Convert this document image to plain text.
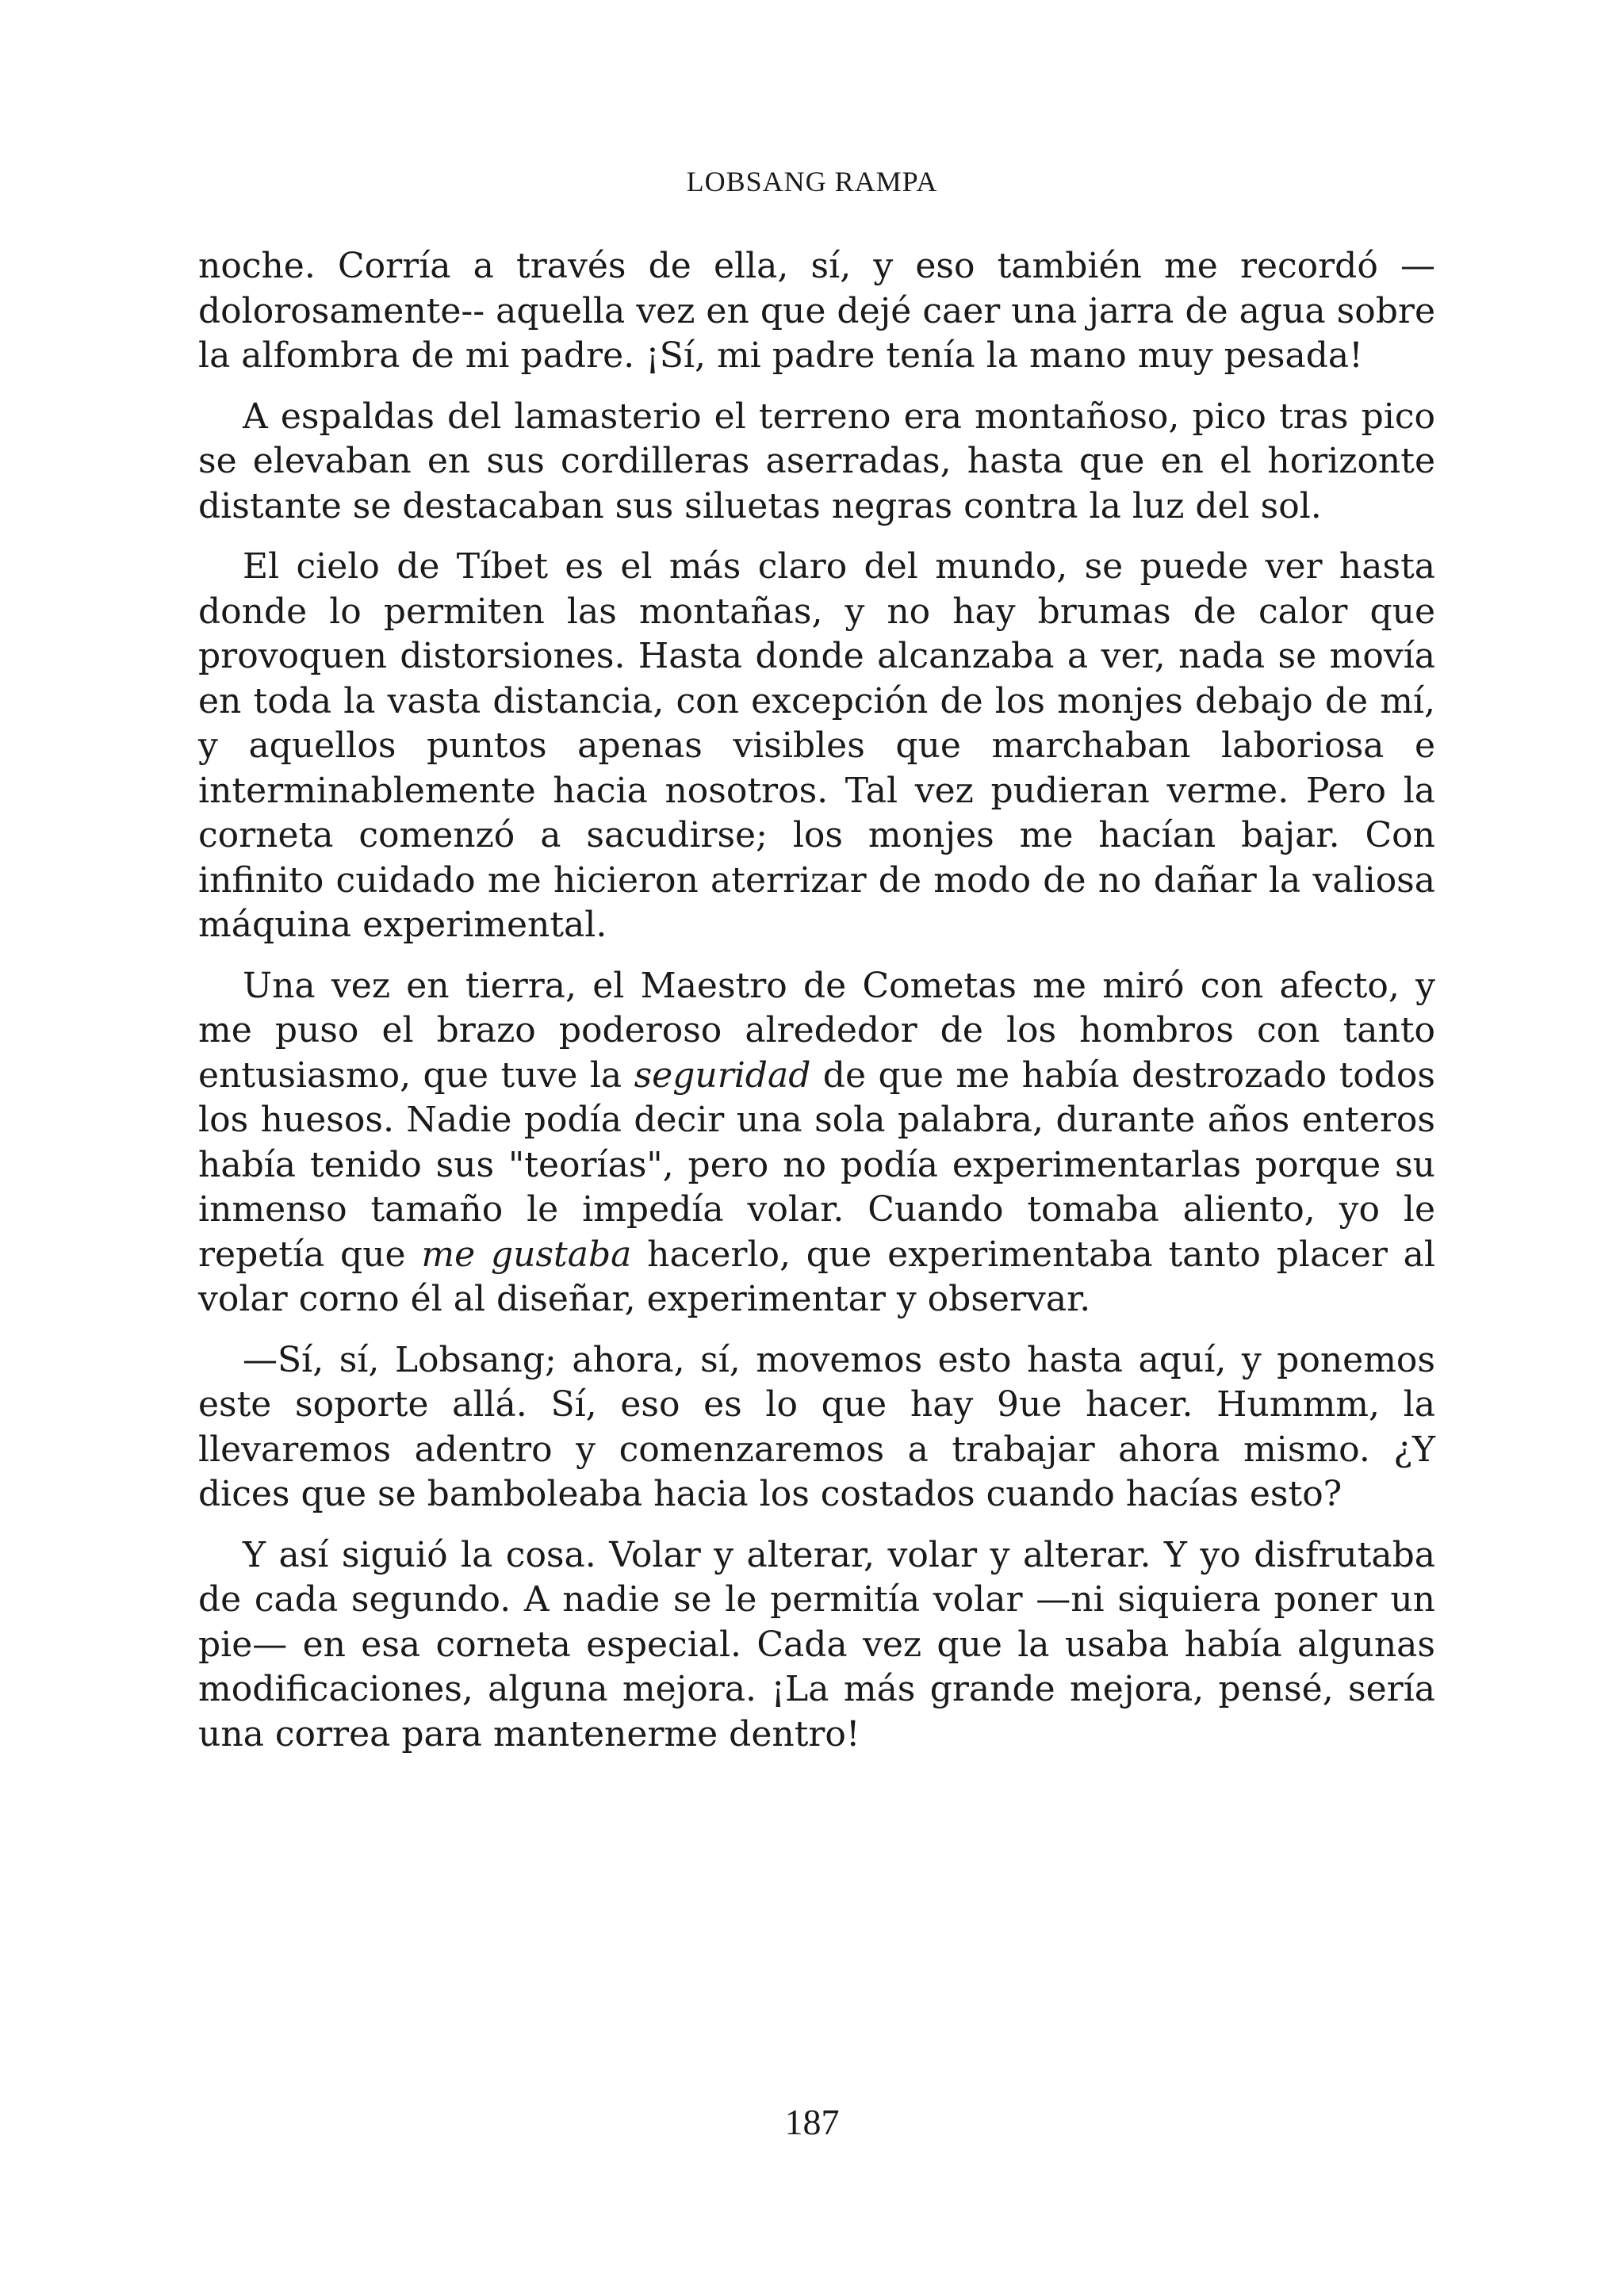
LOBSANG RAMPA

noche. Corría a través de ella, sí, y eso también me recordó —dolorosamente-- aquella vez en que dejé caer una jarra de agua sobre la alfombra de mi padre. ¡Sí, mi padre tenía la mano muy pesada!

A espaldas del lamasterio el terreno era montañoso, pico tras pico se elevaban en sus cordilleras aserradas, hasta que en el horizonte distante se destacaban sus siluetas negras contra la luz del sol.

El cielo de Tíbet es el más claro del mundo, se puede ver hasta donde lo permiten las montañas, y no hay brumas de calor que provoquen distorsiones. Hasta donde alcanzaba a ver, nada se movía en toda la vasta distancia, con excepción de los monjes debajo de mí, y aquellos puntos apenas visibles que marchaban laboriosa e interminablemente hacia nosotros. Tal vez pudieran verme. Pero la corneta comenzó a sacudirse; los monjes me hacían bajar. Con infinito cuidado me hicieron aterrizar de modo de no dañar la valiosa máquina experimental.

Una vez en tierra, el Maestro de Cometas me miró con afecto, y me puso el brazo poderoso alrededor de los hombros con tanto entusiasmo, que tuve la seguridad de que me había destrozado todos los huesos. Nadie podía decir una sola palabra, durante años enteros había tenido sus "teorías", pero no podía experimentarlas porque su inmenso tamaño le impedía volar. Cuando tomaba aliento, yo le repetía que me gustaba hacerlo, que experimentaba tanto placer al volar corno él al diseñar, experimentar y observar.

—Sí, sí, Lobsang; ahora, sí, movemos esto hasta aquí, y ponemos este soporte allá. Sí, eso es lo que hay 9ue hacer. Hummm, la llevaremos adentro y comenzaremos a trabajar ahora mismo. ¿Y dices que se bamboleaba hacia los costados cuando hacías esto?

Y así siguió la cosa. Volar y alterar, volar y alterar. Y yo disfrutaba de cada segundo. A nadie se le permitía volar —ni siquiera poner un pie— en esa corneta especial. Cada vez que la usaba había algunas modificaciones, alguna mejora. ¡La más grande mejora, pensé, sería una correa para mantenerme dentro!

187
